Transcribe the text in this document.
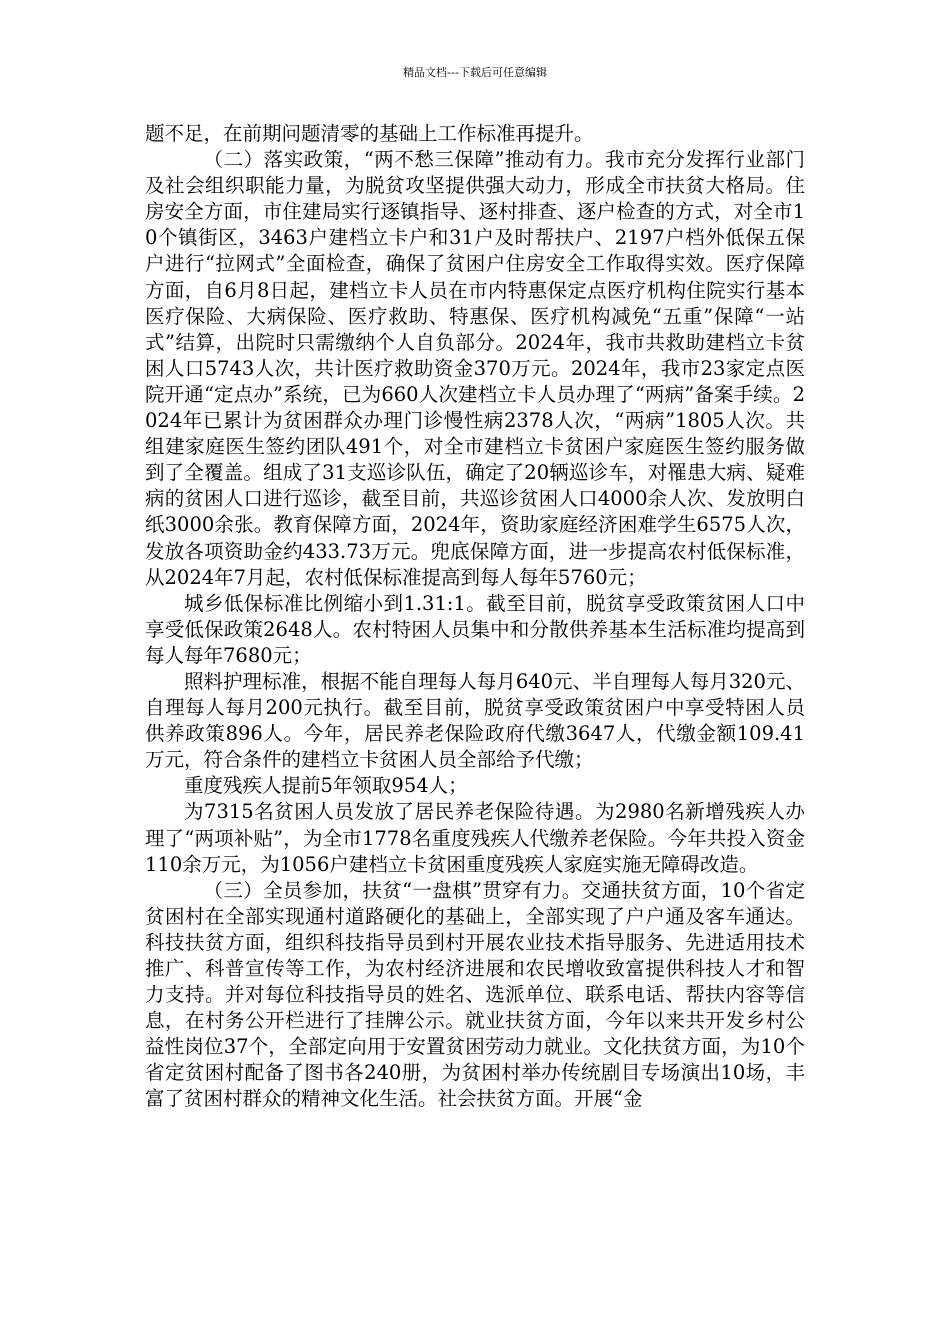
精品文档---下载后可任意编辑

题不足，在前期问题清零的基础上工作标准再提升。

（二）落实政策，“两不愁三保障”推动有力。我市充分发挥行业部门及社会组织职能力量，为脱贫攻坚提供强大动力，形成全市扶贫大格局。住房安全方面，市住建局实行逐镇指导、逐村排查、逐户检查的方式，对全市10个镇街区，3463户建档立卡户和31户及时帮扶户、2197户档外低保五保户进行“拉网式”全面检查，确保了贫困户住房安全工作取得实效。医疗保障方面，自6月8日起，建档立卡人员在市内特惠保定点医疗机构住院实行基本医疗保险、大病保险、医疗救助、特惠保、医疗机构减免“五重”保障“一站式”结算，出院时只需缴纳个人自负部分。2024年，我市共救助建档立卡贫困人口5743人次，共计医疗救助资金370万元。2024年，我市23家定点医院开通“定点办”系统，已为660人次建档立卡人员办理了“两病”备案手续。2024年已累计为贫困群众办理门诊慢性病2378人次，“两病”1805人次。共组建家庭医生签约团队491个，对全市建档立卡贫困户家庭医生签约服务做到了全覆盖。组成了31支巡诊队伍，确定了20辆巡诊车，对罹患大病、疑难病的贫困人口进行巡诊，截至目前，共巡诊贫困人口4000余人次、发放明白纸3000余张。教育保障方面，2024年，资助家庭经济困难学生6575人次，发放各项资助金约433.73万元。兜底保障方面，进一步提高农村低保标准，从2024年7月起，农村低保标准提高到每人每年5760元；

城乡低保标准比例缩小到1.31:1。截至目前，脱贫享受政策贫困人口中享受低保政策2648人。农村特困人员集中和分散供养基本生活标准均提高到每人每年7680元；

照料护理标准，根据不能自理每人每月640元、半自理每人每月320元、自理每人每月200元执行。截至目前，脱贫享受政策贫困户中享受特困人员供养政策896人。今年，居民养老保险政府代缴3647人，代缴金额109.41万元，符合条件的建档立卡贫困人员全部给予代缴；

重度残疾人提前5年领取954人；

为7315名贫困人员发放了居民养老保险待遇。为2980名新增残疾人办理了“两项补贴”，为全市1778名重度残疾人代缴养老保险。今年共投入资金110余万元，为1056户建档立卡贫困重度残疾人家庭实施无障碍改造。

（三）全员参加，扶贫“一盘棋”贯穿有力。交通扶贫方面，10个省定贫困村在全部实现通村道路硬化的基础上，全部实现了户户通及客车通达。科技扶贫方面，组织科技指导员到村开展农业技术指导服务、先进适用技术推广、科普宣传等工作，为农村经济进展和农民增收致富提供科技人才和智力支持。并对每位科技指导员的姓名、选派单位、联系电话、帮扶内容等信息，在村务公开栏进行了挂牌公示。就业扶贫方面，今年以来共开发乡村公益性岗位37个，全部定向用于安置贫困劳动力就业。文化扶贫方面，为10个省定贫困村配备了图书各240册，为贫困村举办传统剧目专场演出10场，丰富了贫困村群众的精神文化生活。社会扶贫方面。开展“金
